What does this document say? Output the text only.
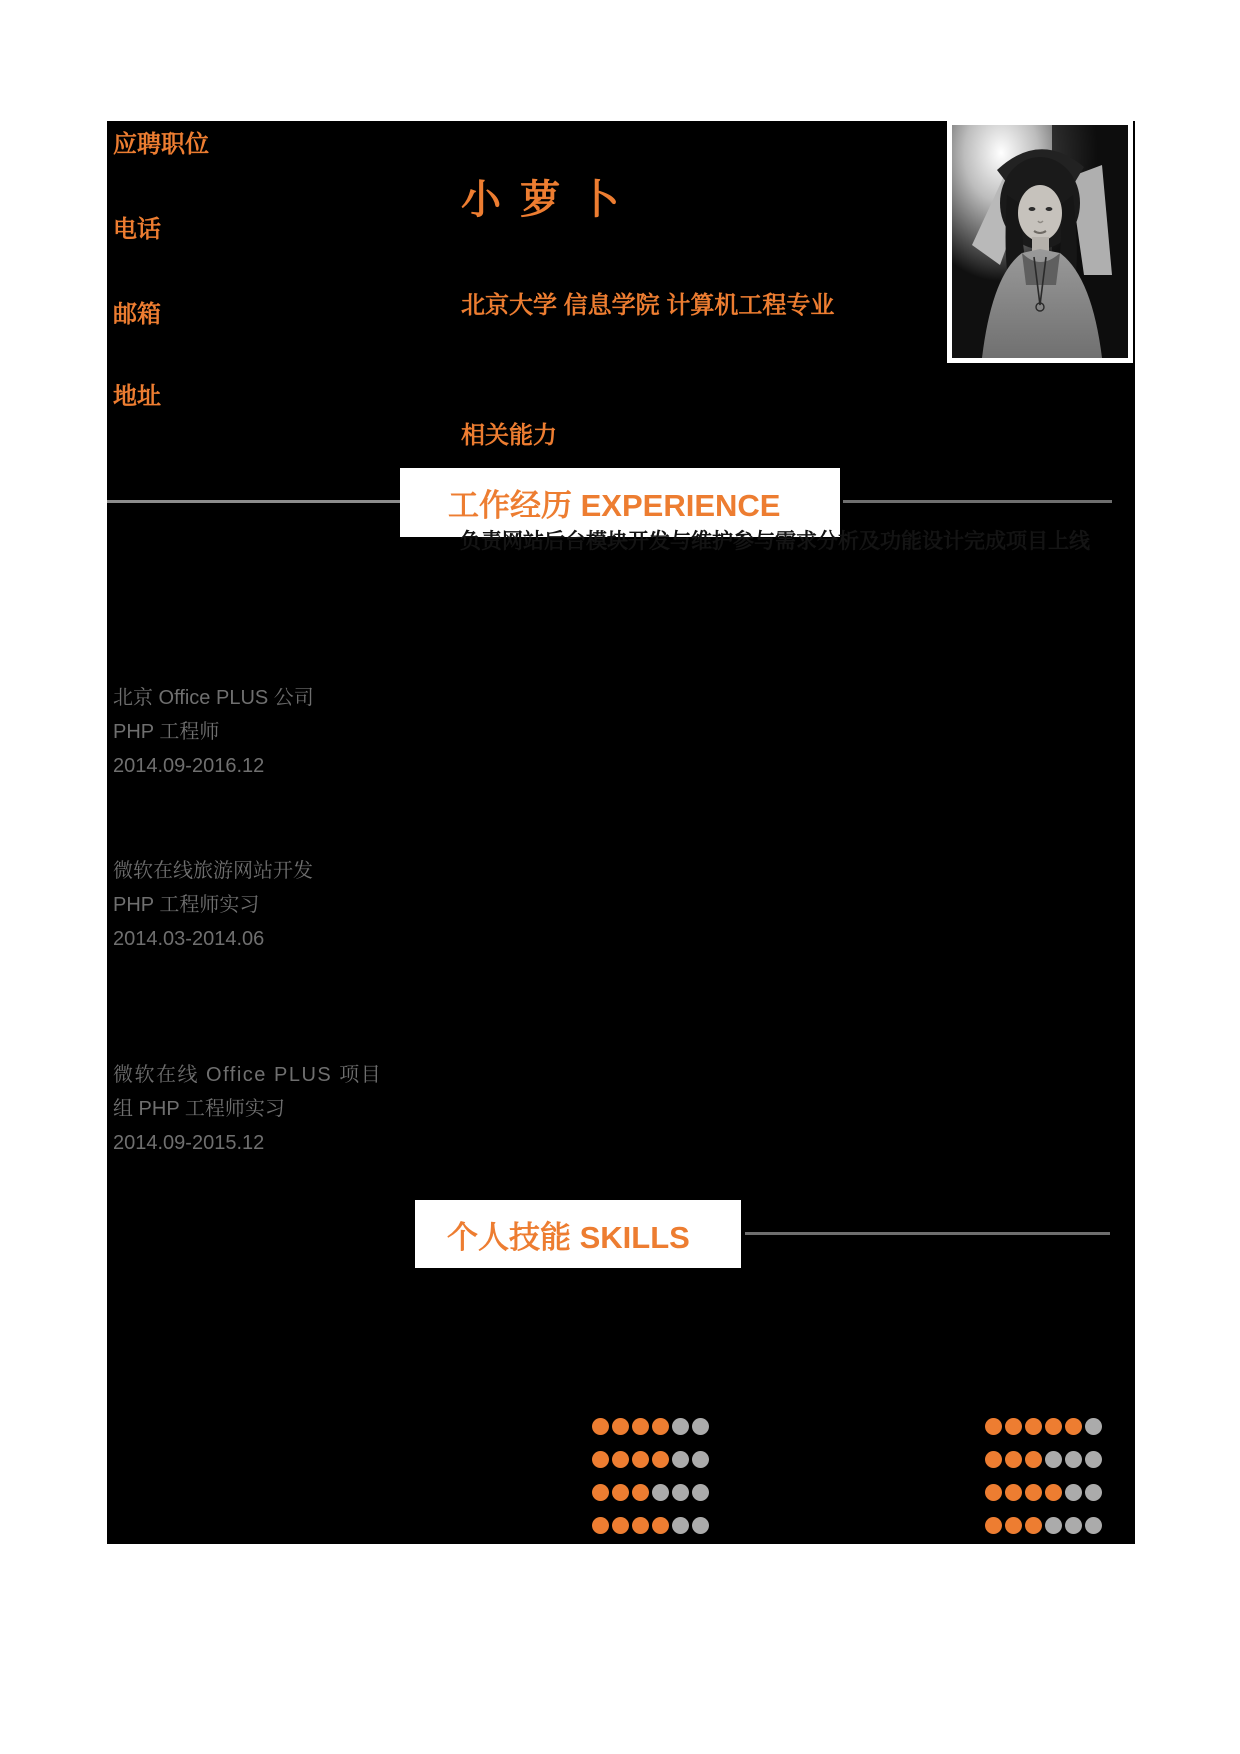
应聘职位
电话
邮箱
地址
小 萝 卜
北京大学 信息学院 计算机工程专业
相关能力
工作经历 EXPERIENCE
负责网站后台模块开发与维护参与需求分析及功能设计完成项目上线
北京 Office PLUS 公司
PHP 工程师
2014.09-2016.12
微软在线旅游网站开发
PHP 工程师实习
2014.03-2014.06
微软在线 Office PLUS 项目
组 PHP 工程师实习
2014.09-2015.12
个人技能 SKILLS
